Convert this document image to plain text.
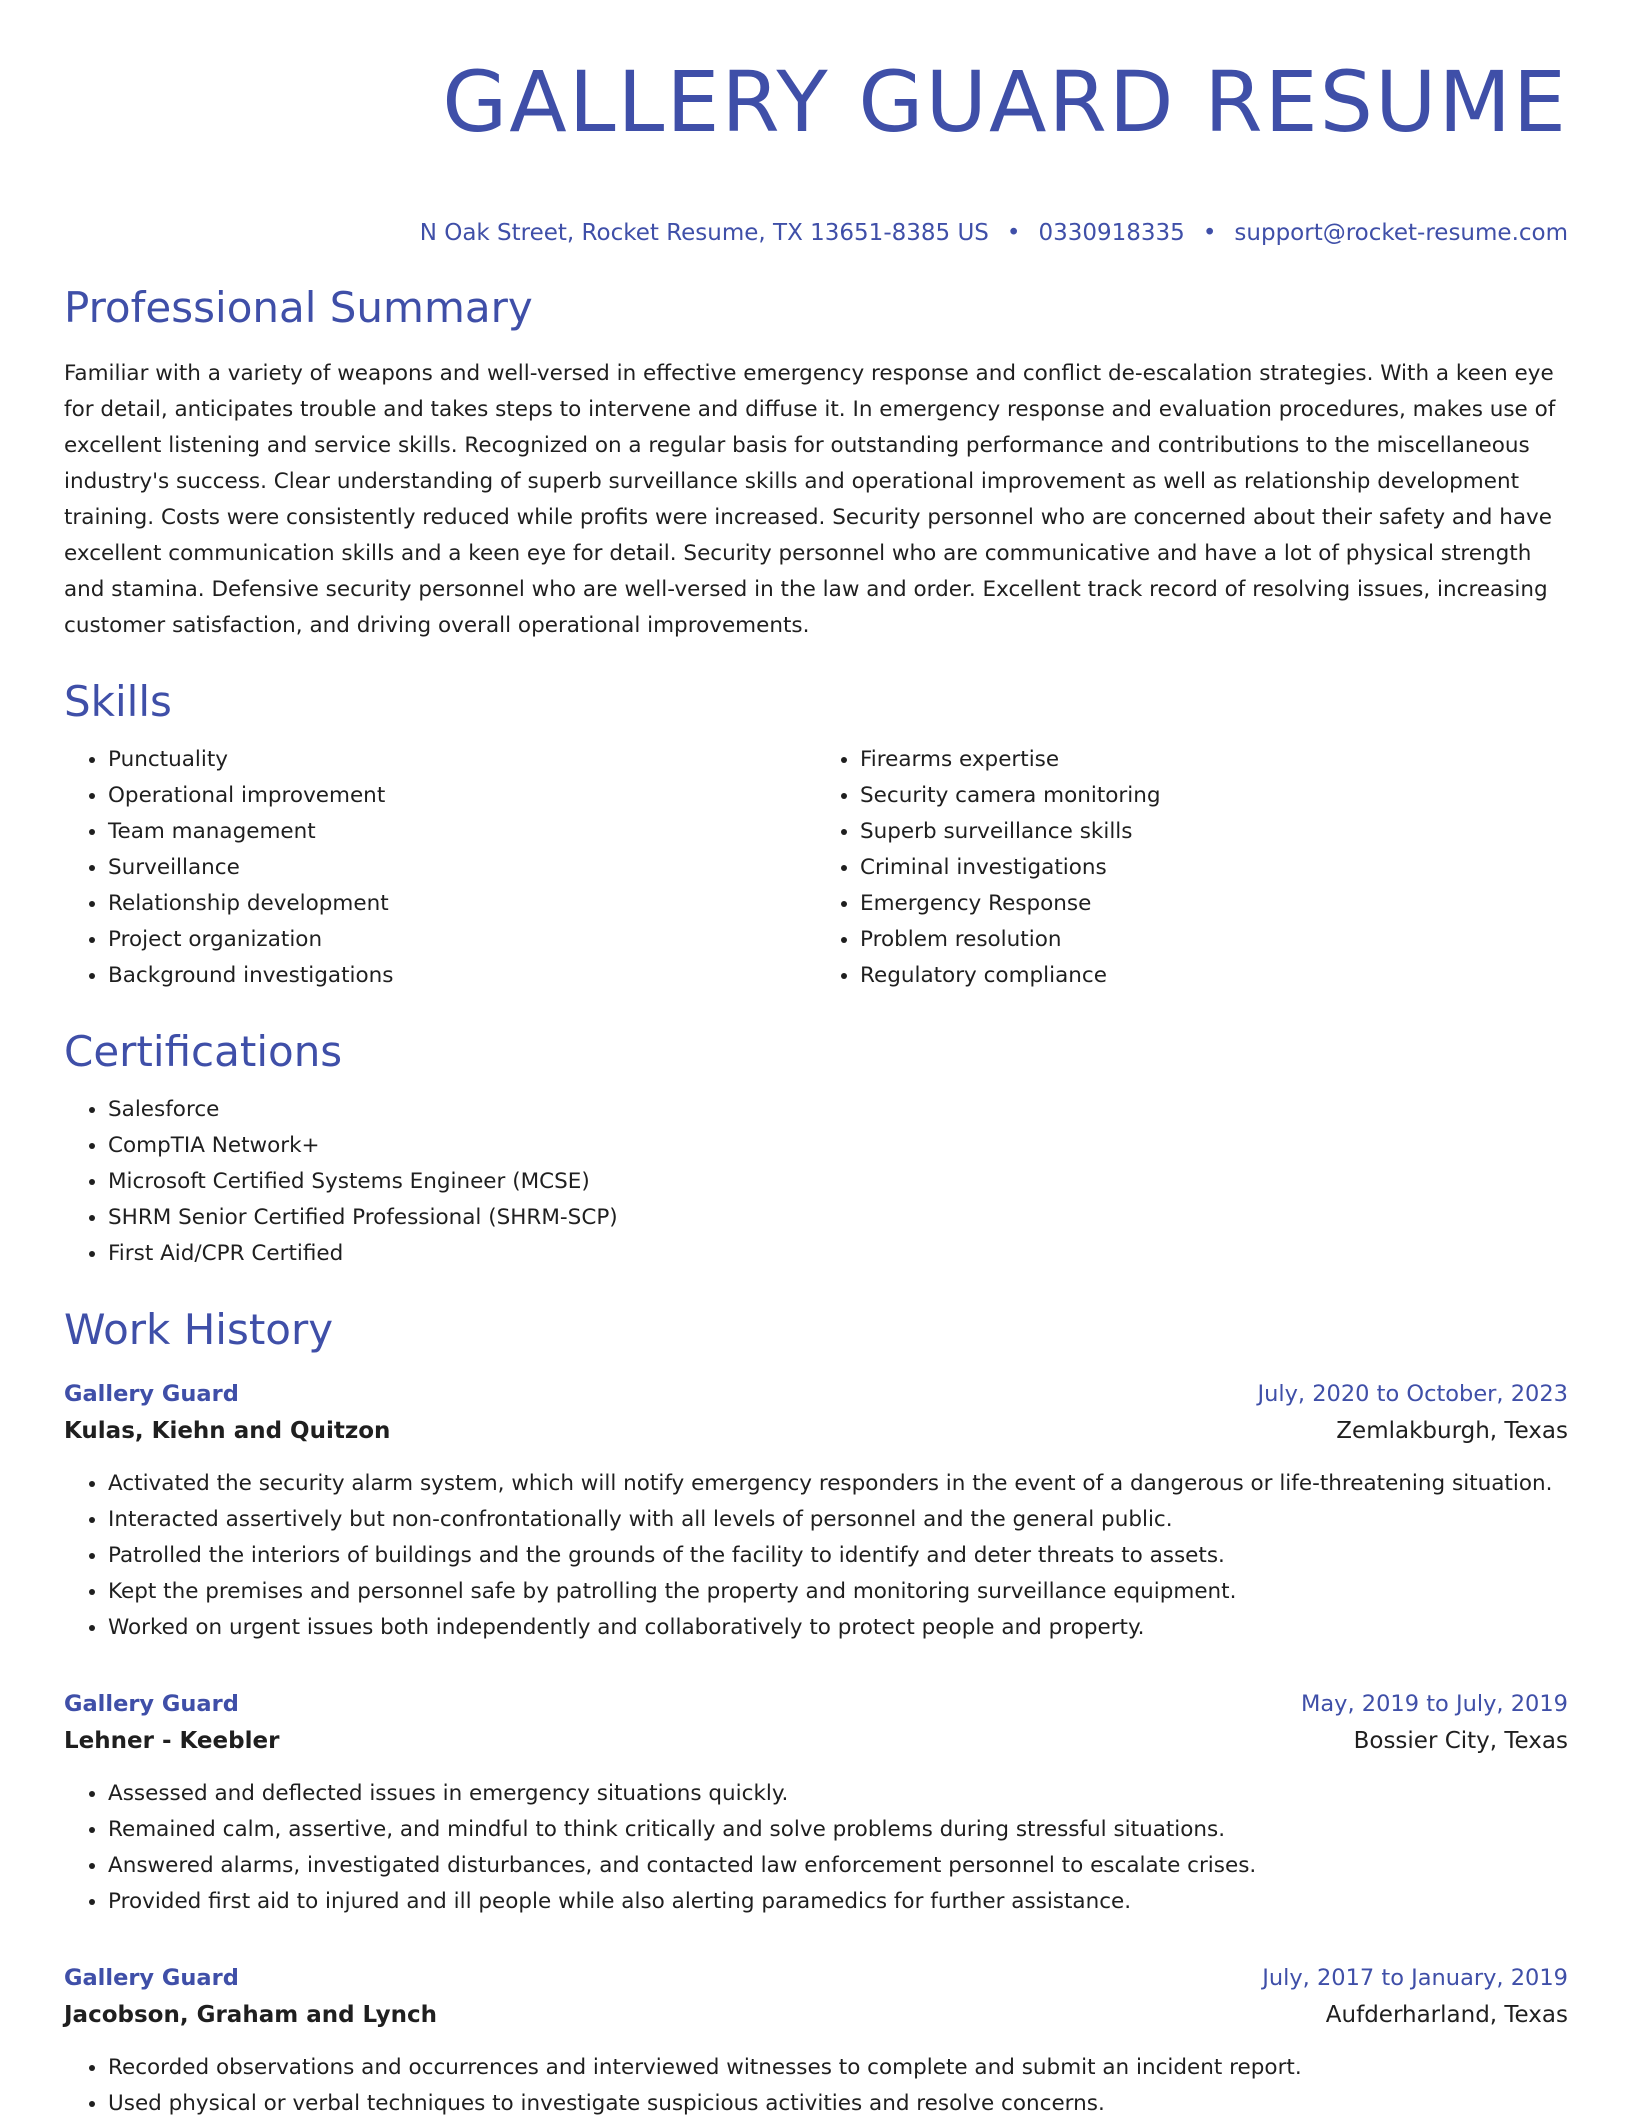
GALLERY GUARD RESUME
N Oak Street, Rocket Resume, TX 13651-8385 US • 0330918335 • support@rocket-resume.com
Professional Summary

Familiar with a variety of weapons and well-versed in effective emergency response and conflict de-escalation strategies. With a keen eye for detail, anticipates trouble and takes steps to intervene and diffuse it. In emergency response and evaluation procedures, makes use of excellent listening and service skills. Recognized on a regular basis for outstanding performance and contributions to the miscellaneous industry's success. Clear understanding of superb surveillance skills and operational improvement as well as relationship development training. Costs were consistently reduced while profits were increased. Security personnel who are concerned about their safety and have excellent communication skills and a keen eye for detail. Security personnel who are communicative and have a lot of physical strength and stamina. Defensive security personnel who are well-versed in the law and order. Excellent track record of resolving issues, increasing customer satisfaction, and driving overall operational improvements.

Skills
• Punctuality
• Operational improvement
• Team management
• Surveillance
• Relationship development
• Project organization
• Background investigations
• Firearms expertise
• Security camera monitoring
• Superb surveillance skills
• Criminal investigations
• Emergency Response
• Problem resolution
• Regulatory compliance
Certifications
• Salesforce
• CompTIA Network+
• Microsoft Certified Systems Engineer (MCSE)
• SHRM Senior Certified Professional (SHRM-SCP)
• First Aid/CPR Certified
Work History
Gallery Guard	July, 2020 to October, 2023
Kulas, Kiehn and Quitzon	Zemlakburgh, Texas
• Activated the security alarm system, which will notify emergency responders in the event of a dangerous or life-threatening situation.
• Interacted assertively but non-confrontationally with all levels of personnel and the general public.
• Patrolled the interiors of buildings and the grounds of the facility to identify and deter threats to assets.
• Kept the premises and personnel safe by patrolling the property and monitoring surveillance equipment.
• Worked on urgent issues both independently and collaboratively to protect people and property.
Gallery Guard	May, 2019 to July, 2019
Lehner - Keebler	Bossier City, Texas
• Assessed and deflected issues in emergency situations quickly.
• Remained calm, assertive, and mindful to think critically and solve problems during stressful situations.
• Answered alarms, investigated disturbances, and contacted law enforcement personnel to escalate crises.
• Provided first aid to injured and ill people while also alerting paramedics for further assistance.
Gallery Guard	July, 2017 to January, 2019
Jacobson, Graham and Lynch	Aufderharland, Texas
• Recorded observations and occurrences and interviewed witnesses to complete and submit an incident report.
• Used physical or verbal techniques to investigate suspicious activities and resolve concerns.
